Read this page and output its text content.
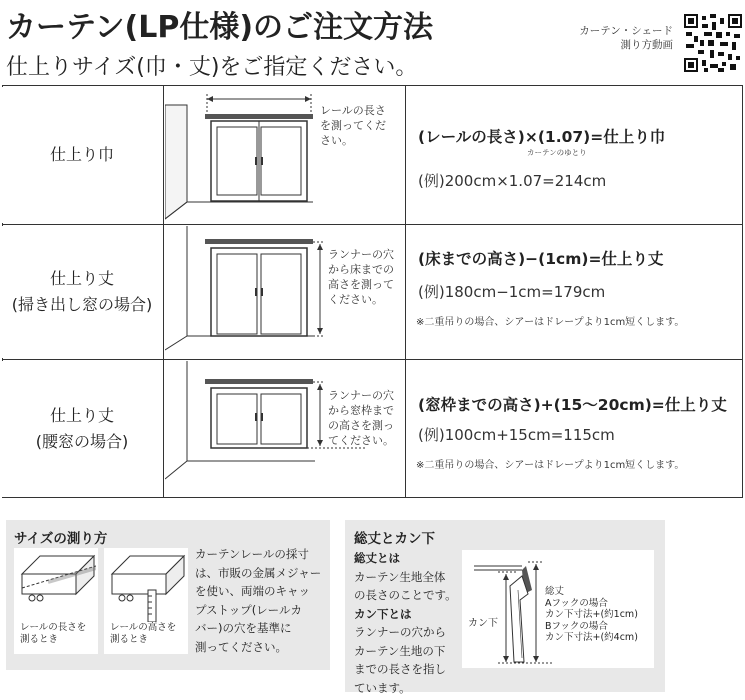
カーテン(LP仕様)のご注文方法
仕上りサイズ(巾・丈)をご指定ください。
カーテン・シェード
測り方動画
仕上り巾
レールの長さ
を測ってくだ
さい。	(レールの長さ)×(1.07)=仕上り巾
カーテンのゆとり
(例)200cm×1.07=214cm
仕上り丈
(掃き出し窓の場合)
ランナーの穴
から床までの
高さを測って
ください。
(床までの高さ)−(1cm)=仕上り丈
(例)180cm−1cm=179cm
※二重吊りの場合、シアーはドレープより1cm短くします。
仕上り丈
(腰窓の場合)
ランナーの穴
から窓枠まで
の高さを測っ
てください。
(窓枠までの高さ)+(15〜20cm)=仕上り丈
(例)100cm+15cm=115cm
※二重吊りの場合、シアーはドレープより1cm短くします。
サイズの測り方
レールの長さを
測るとき
レールの高さを
測るとき
カーテンレールの採寸
は、市販の金属メジャー
を使い、両端のキャッ
プストップ(レールカ
バー)の穴を基準に
測ってください。
総丈とカン下
総丈とは
カーテン生地全体
の長さのことです。
カン下とは
ランナーの穴から
カーテン生地の下
までの長さを指し
ています。
カン下
総丈
Aフックの場合
カン下寸法+(約1cm)
Bフックの場合
カン下寸法+(約4cm)
